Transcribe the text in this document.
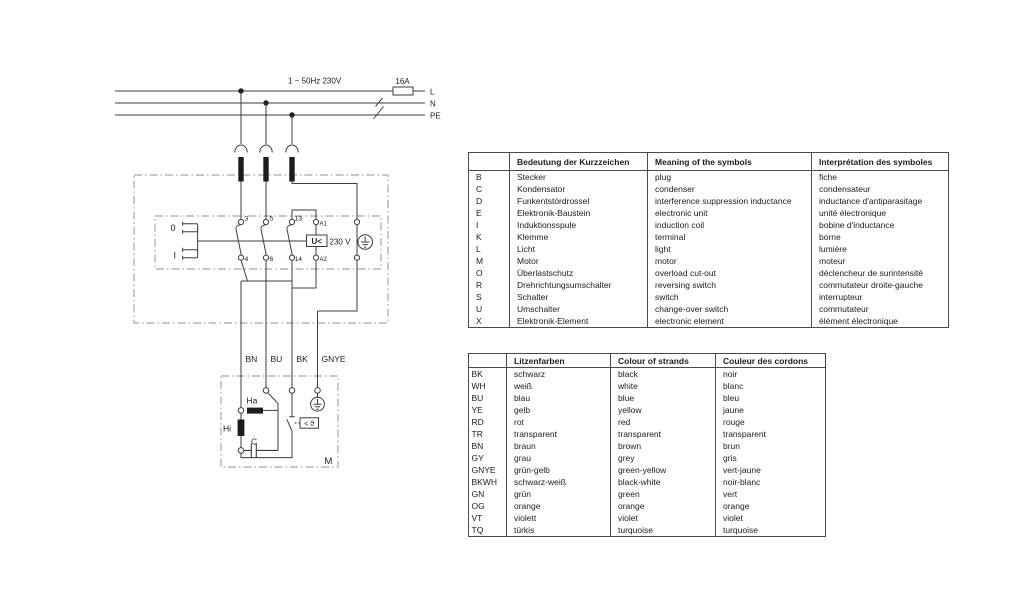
1 ~ 50Hz 230V	16A
L
N
PE
0
I
3	5	13
4	6	14
A1
A2
U< 230 V
BN BU BK GNYE
Ha
Hi
C
< ϑ
M
	Bedeutung der Kurzzeichen	Meaning of the symbols	Interprétation des symboles
B	Stecker	plug	fiche
C	Kondensator	condenser	condensateur
D	Funkentstördrossel	interference suppression inductance	inductance d'antiparasitage
E	Elektronik-Baustein	electronic unit	unité électronique
I	Induktionsspule	induction coil	bobine d'inductance
K	Klemme	terminal	borne
L	Licht	light	lumière
M	Motor	motor	moteur
O	Überlastschutz	overload cut-out	déclencheur de surintensité
R	Drehrichtungsumschalter	reversing switch	commutateur droite-gauche
S	Schalter	switch	interrupteur
U	Umschalter	change-over switch	commutateur
X	Elektronik-Element	electronic element	élément électronique
	Litzenfarben	Colour of strands	Couleur des cordons
BK	schwarz	black	noir
WH	weiß	white	blanc
BU	blau	blue	bleu
YE	gelb	yellow	jaune
RD	rot	red	rouge
TR	transparent	transparent	transparent
BN	braun	brown	brun
GY	grau	grey	gris
GNYE	grün-gelb	green-yellow	vert-jaune
BKWH	schwarz-weiß	black-white	noir-blanc
GN	grün	green	vert
OG	orange	orange	orange
VT	violett	violet	violet
TQ	türkis	turquoise	turquoise
